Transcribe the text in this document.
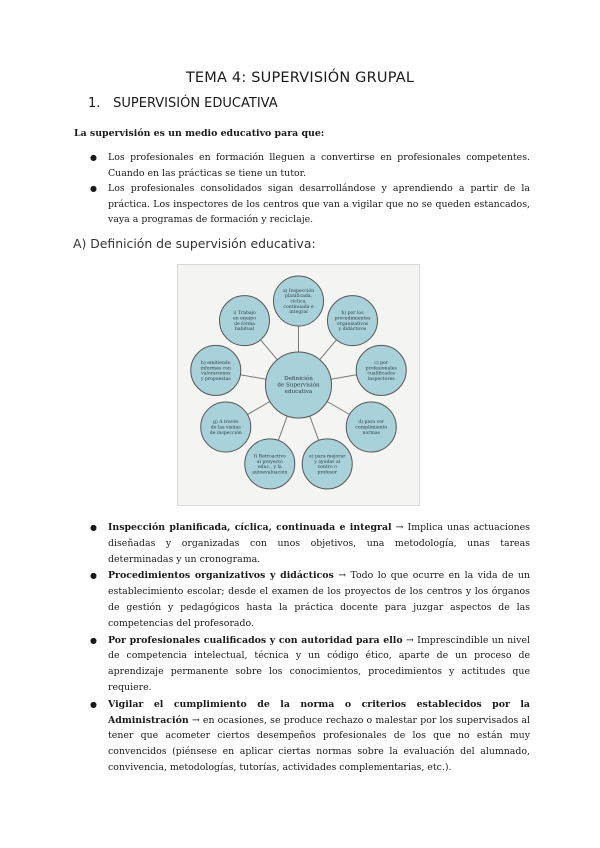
TEMA 4: SUPERVISIÓN GRUPAL
1. SUPERVISIÓN EDUCATIVA
La supervisión es un medio educativo para que:
● Los profesionales en formación lleguen a convertirse en profesionales competentes. Cuando en las prácticas se tiene un tutor.
● Los profesionales consolidados sigan desarrollándose y aprendiendo a partir de la práctica. Los inspectores de los centros que van a vigilar que no se queden estancados, vaya a programas de formación y reciclaje.
A) Definición de supervisión educativa:
Definición
de Supervisión
educativa
a) Inspección
planificada,
cíclica,
continuada e
integral	b) por los
procedimientos
organizativos
y didácticos
c) por
profesionales
cualificados
inspectores
d) para ver
cumplimiento
normas
e) para mejorar
y ayudar al
centro o
profesor
f) Retroactivo
al proyecto
educ., y la
autoevaluación
g) A través
de las visitas
de inspección
h) emitiendo
informes con
valoraciones
y propuestas
i) Trabajo
en equipo
de forma
habitual
● Inspección planificada, cíclica, continuada e integral → Implica unas actuaciones diseñadas y organizadas con unos objetivos, una metodología, unas tareas determinadas y un cronograma.
● Procedimientos organizativos y didácticos → Todo lo que ocurre en la vida de un establecimiento escolar; desde el examen de los proyectos de los centros y los órganos de gestión y pedagógicos hasta la práctica docente para juzgar aspectos de las competencias del profesorado.
● Por profesionales cualificados y con autoridad para ello → Imprescindible un nivel de competencia intelectual, técnica y un código ético, aparte de un proceso de aprendizaje permanente sobre los conocimientos, procedimientos y actitudes que requiere.
● Vigilar el cumplimiento de la norma o criterios establecidos por la Administración → en ocasiones, se produce rechazo o malestar por los supervisados al tener que acometer ciertos desempeños profesionales de los que no están muy convencidos (piénsese en aplicar ciertas normas sobre la evaluación del alumnado, convivencia, metodologías, tutorías, actividades complementarias, etc.).
